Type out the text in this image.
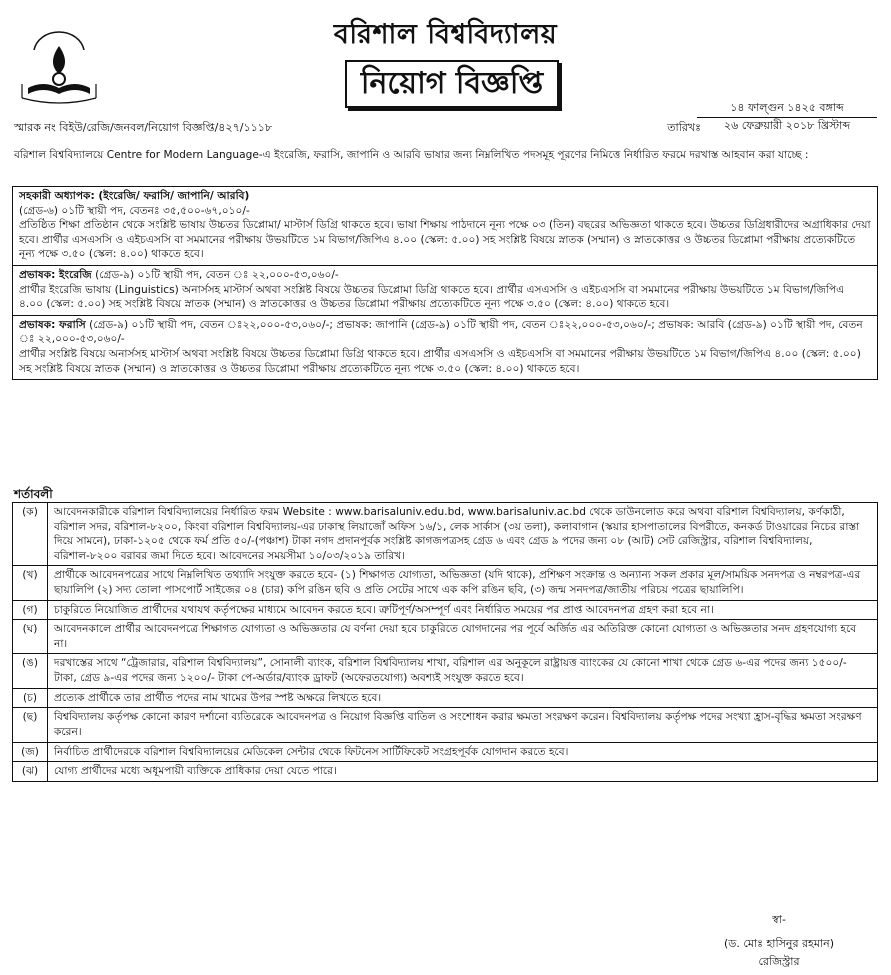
বরিশাল বিশ্ববিদ্যালয়
নিয়োগ বিজ্ঞপ্তি
স্মারক নং বিইউ/রেজি/জনবল/নিয়োগ বিজ্ঞপ্তি/৪২৭/১১১৮	তারিখঃ
১৪ ফাল্গুন ১৪২৫ বঙ্গাব্দ
২৬ ফেব্রুয়ারী ২০১৮ খ্রিস্টাব্দ
বরিশাল বিশ্ববিদ্যালয়ে Centre for Modern Language-এ ইংরেজি, ফরাসি, জাপানি ও আরবি ভাষার জন্য নিম্নলিখিত পদসমূহ পূরণের নিমিত্তে নির্ধারিত ফরমে দরখাস্ত আহবান করা যাচ্ছে :
সহকারী অধ্যাপক: (ইংরেজি/ ফরাসি/ জাপানি/ আরবি)
(গ্রেড-৬) ০১টি স্থায়ী পদ, বেতনঃ ৩৫,৫০০-৬৭,০১০/-
প্রতিষ্ঠিত শিক্ষা প্রতিষ্ঠান থেকে সংশ্লিষ্ট ভাষায় উচ্চতর ডিপ্লোমা/ মাস্টার্স ডিগ্রি থাকতে হবে। ভাষা শিক্ষায় পাঠদানে নূন্য পক্ষে ০৩ (তিন) বছরের অভিজ্ঞতা থাকতে হবে। উচ্চতর ডিগ্রিধারীদের অগ্রাধিকার দেয়া হবে। প্রার্থীর এসএসসি ও এইচএসসি বা সমমানের পরীক্ষায় উভয়টিতে ১ম বিভাগ/জিপিএ ৪.০০ (স্কেল: ৫.০০) সহ সংশ্লিষ্ট বিষয়ে স্নাতক (সম্মান) ও স্নাতকোত্তর ও উচ্চতর ডিপ্লোমা পরীক্ষায় প্রত্যেকটিতে নূন্য পক্ষে ৩.৫০ (স্কেল: ৪.০০) থাকতে হবে।
প্রভাষক: ইংরেজি (গ্রেড-৯) ০১টি স্থায়ী পদ, বেতন ঃ ২২,০০০-৫৩,০৬০/-
প্রার্থীর ইংরেজি ভাষায় (Linguistics) অনার্সসহ মাস্টার্স অথবা সংশ্লিষ্ট বিষয়ে উচ্চতর ডিপ্লোমা ডিগ্রি থাকতে হবে। প্রার্থীর এসএসসি ও এইচএসসি বা সমমানের পরীক্ষায় উভয়টিতে ১ম বিভাগ/জিপিএ ৪.০০ (স্কেল: ৫.০০) সহ সংশ্লিষ্ট বিষয়ে স্নাতক (সম্মান) ও স্নাতকোত্তর ও উচ্চতর ডিপ্লোমা পরীক্ষায় প্রত্যেকটিতে নূন্য পক্ষে ৩.৫০ (স্কেল: ৪.০০) থাকতে হবে।
প্রভাষক: ফরাসি (গ্রেড-৯) ০১টি স্থায়ী পদ, বেতন ঃ২২,০০০-৫৩,০৬০/-; প্রভাষক: জাপানি (গ্রেড-৯) ০১টি স্থায়ী পদ, বেতন ঃ২২,০০০-৫৩,০৬০/-; প্রভাষক: আরবি (গ্রেড-৯) ০১টি স্থায়ী পদ, বেতন ঃ ২২,০০০-৫৩,০৬০/-
প্রার্থীর সংশ্লিষ্ট বিষয়ে অনার্সসহ মাস্টার্স অথবা সংশ্লিষ্ট বিষয়ে উচ্চতর ডিপ্লোমা ডিগ্রি থাকতে হবে। প্রার্থীর এসএসসি ও এইচএসসি বা সমমানের পরীক্ষায় উভয়টিতে ১ম বিভাগ/জিপিএ ৪.০০ (স্কেল: ৫.০০) সহ সংশ্লিষ্ট বিষয়ে স্নাতক (সম্মান) ও স্নাতকোত্তর ও উচ্চতর ডিপ্লোমা পরীক্ষায় প্রত্যেকটিতে নূন্য পক্ষে ৩.৫০ (স্কেল: ৪.০০) থাকতে হবে।
শর্তাবলী
(ক)	আবেদনকারীকে বরিশাল বিশ্ববিদ্যালয়ের নির্ধারিত ফরম Website : www.barisaluniv.edu.bd, www.barisaluniv.ac.bd থেকে ডাউনলোড করে অথবা বরিশাল বিশ্ববিদ্যালয়, কর্ণকাঠী, বরিশাল সদর, বরিশাল-৮২০০, কিংবা বরিশাল বিশ্ববিদ্যালয়-এর ঢাকাস্থ লিয়াজোঁ অফিস ১৬/১, লেক সার্কাস (৩য় তলা), কলাবাগান (স্কয়ার হাসপাতালের বিপরীতে, কনকর্ড টাওয়ারের নিচের রাস্তা দিয়ে সামনে), ঢাকা-১২০৫ থেকে ফর্ম প্রতি ৫০/-(পঞ্চাশ) টাকা নগদ প্রদানপূর্বক সংশ্লিষ্ট কাগজপত্রসহ গ্রেড ৬ এবং গ্রেড ৯ পদের জন্য ০৮ (আট) সেট রেজিস্ট্রার, বরিশাল বিশ্ববিদ্যালয়, বরিশাল-৮২০০ বরাবর জমা দিতে হবে। আবেদনের সময়সীমা ১০/০৩/২০১৯ তারিখ।
(খ)	প্রার্থীকে আবেদনপত্রের সাথে নিম্নলিখিত তথ্যাদি সংযুক্ত করতে হবে- (১) শিক্ষাগত যোগ্যতা, অভিজ্ঞতা (যদি থাকে), প্রশিক্ষণ সংক্রান্ত ও অন্যান্য সকল প্রকার মূল/সাময়িক সনদপত্র ও নম্বরপত্র-এর ছায়ালিপি (২) সদ্য তোলা পাসপোর্ট সাইজের ০৪ (চার) কপি রঙিন ছবি ও প্রতি সেটের সাথে এক কপি রঙিন ছবি, (৩) জন্ম সনদপত্র/জাতীয় পরিচয় পত্রের ছায়ালিপি।
(গ)	চাকুরিতে নিয়োজিত প্রার্থীদের যথাযথ কর্তৃপক্ষের মাধ্যমে আবেদন করতে হবে। ত্রুটিপূর্ণ/অসম্পূর্ণ এবং নির্ধারিত সময়ের পর প্রাপ্ত আবেদনপত্র গ্রহণ করা হবে না।
(ঘ)	আবেদনকালে প্রার্থীর আবেদনপত্রে শিক্ষাগত যোগ্যতা ও অভিজ্ঞতার যে বর্ণনা দেয়া হবে চাকুরিতে যোগদানের পর পূর্বে অর্জিত এর অতিরিক্ত কোনো যোগ্যতা ও অভিজ্ঞতার সনদ গ্রহণযোগ্য হবে না।
(ঙ)	দরখাস্তের সাথে “ট্রেজারার, বরিশাল বিশ্ববিদ্যালয়”, সোনালী ব্যাংক, বরিশাল বিশ্ববিদ্যালয় শাখা, বরিশাল এর অনুকূলে রাষ্ট্রায়ত্ত ব্যাংকের যে কোনো শাখা থেকে গ্রেড ৬-এর পদের জন্য ১৫০০/- টাকা, গ্রেড ৯-এর পদের জন্য ১২০০/- টাকা পে-অর্ডার/ব্যাংক ড্রাফট (অফেরতযোগ্য) অবশ্যই সংযুক্ত করতে হবে।
(চ)	প্রত্যেক প্রার্থীকে তার প্রার্থীত পদের নাম খামের উপর স্পষ্ট অক্ষরে লিখতে হবে।
(ছ)	বিশ্ববিদ্যালয় কর্তৃপক্ষ কোনো কারণ দর্শানো ব্যতিরেকে আবেদনপত্র ও নিয়োগ বিজ্ঞপ্তি বাতিল ও সংশোধন করার ক্ষমতা সংরক্ষণ করেন। বিশ্ববিদ্যালয় কর্তৃপক্ষ পদের সংখ্যা হ্রাস-বৃদ্ধির ক্ষমতা সংরক্ষণ করেন।
(জ)	নির্বাচিত প্রার্থীদেরকে বরিশাল বিশ্ববিদ্যালয়ের মেডিকেল সেন্টার থেকে ফিটনেস সার্টিফিকেট সংগ্রহপূর্বক যোগদান করতে হবে।
(ঝ)	যোগ্য প্রার্থীদের মধ্যে অধূমপায়ী ব্যক্তিকে প্রাধিকার দেয়া যেতে পারে।
স্বা-
(ড. মোঃ হাসিনুর রহমান)
রেজিস্ট্রার
